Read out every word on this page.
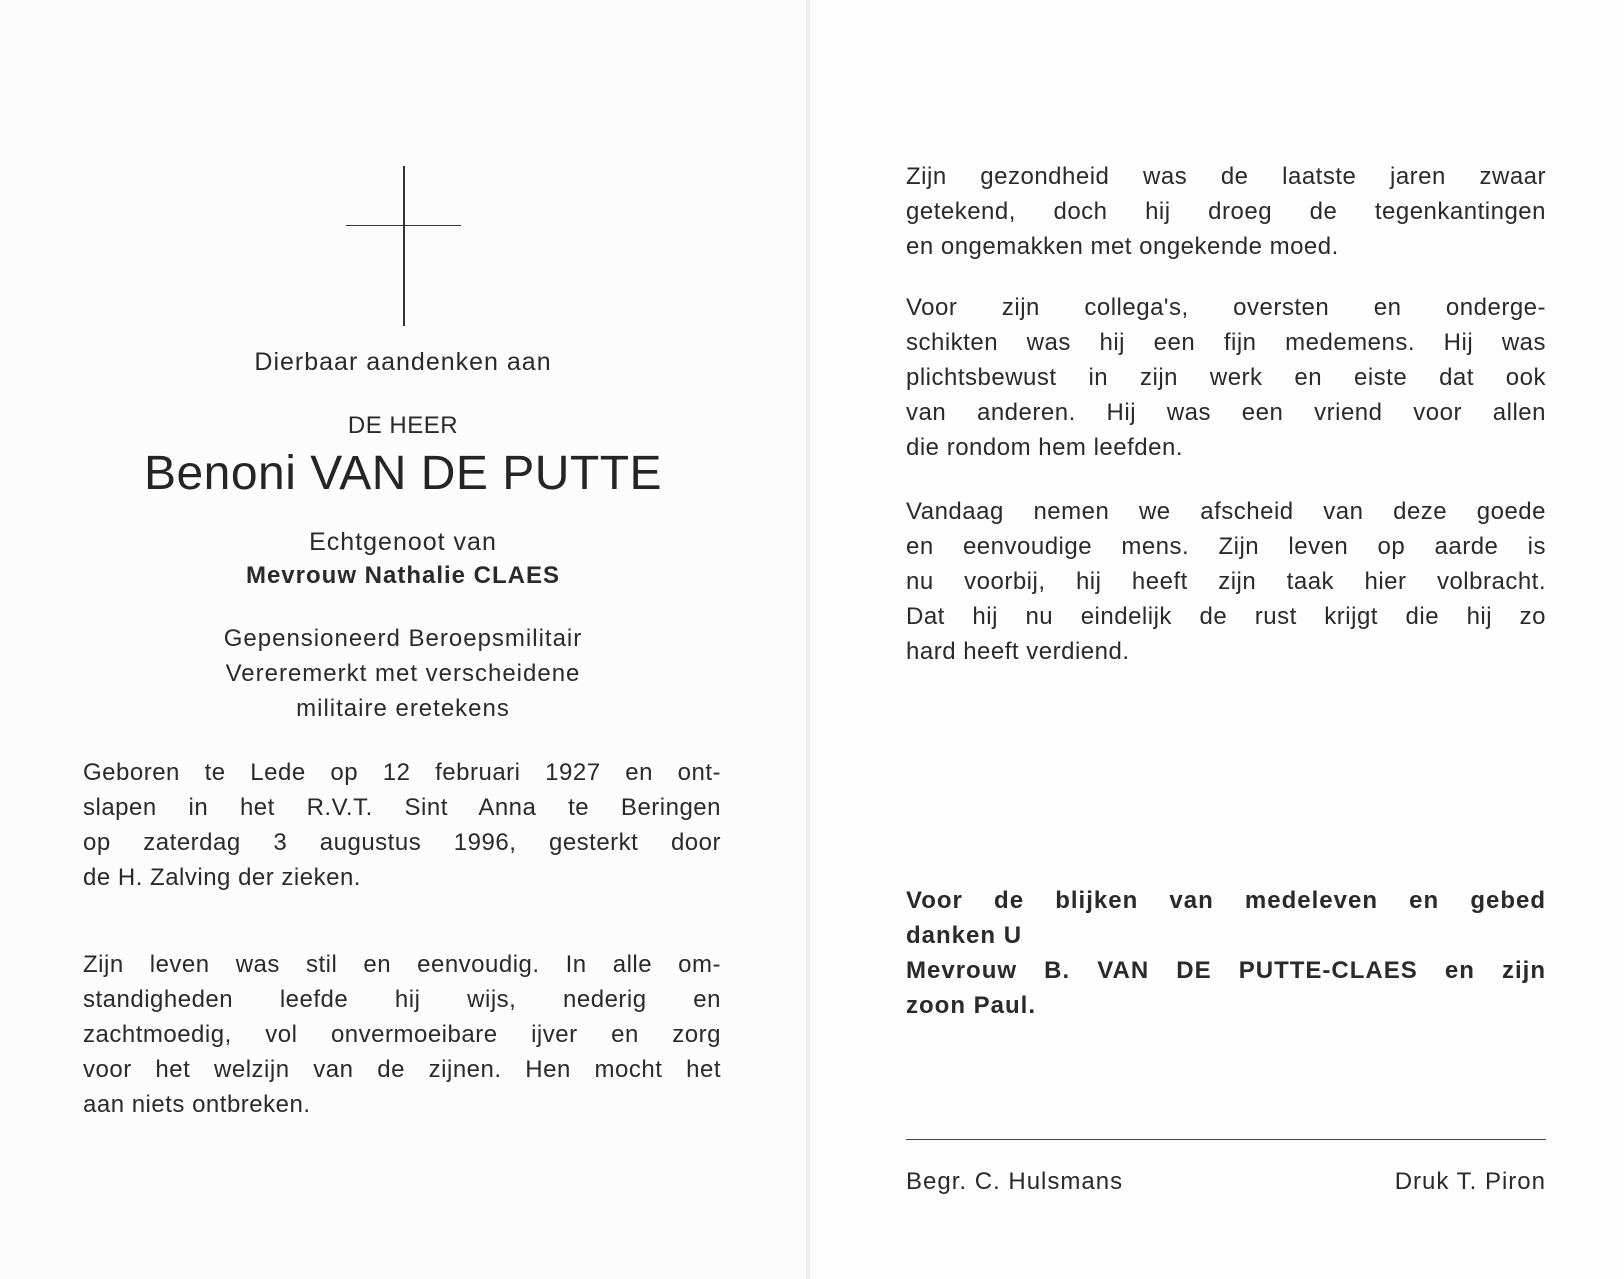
Dierbaar aandenken aan
DE HEER
Benoni VAN DE PUTTE
Echtgenoot van
Mevrouw Nathalie CLAES
Gepensioneerd Beroepsmilitair
Vereremerkt met verscheidene
militaire eretekens
Geboren te Lede op 12 februari 1927 en ont-
slapen in het R.V.T. Sint Anna te Beringen
op zaterdag 3 augustus 1996, gesterkt door
de H. Zalving der zieken.
Zijn leven was stil en eenvoudig. In alle om-
standigheden leefde hij wijs, nederig en
zachtmoedig, vol onvermoeibare ijver en zorg
voor het welzijn van de zijnen. Hen mocht het
aan niets ontbreken.
Zijn gezondheid was de laatste jaren zwaar
getekend, doch hij droeg de tegenkantingen
en ongemakken met ongekende moed.
Voor zijn collega's, oversten en onderge-
schikten was hij een fijn medemens. Hij was
plichtsbewust in zijn werk en eiste dat ook
van anderen. Hij was een vriend voor allen
die rondom hem leefden.
Vandaag nemen we afscheid van deze goede
en eenvoudige mens. Zijn leven op aarde is
nu voorbij, hij heeft zijn taak hier volbracht.
Dat hij nu eindelijk de rust krijgt die hij zo
hard heeft verdiend.
Voor de blijken van medeleven en gebed
danken U
Mevrouw B. VAN DE PUTTE-CLAES en zijn
zoon Paul.
Begr. C. Hulsmans	Druk T. Piron
